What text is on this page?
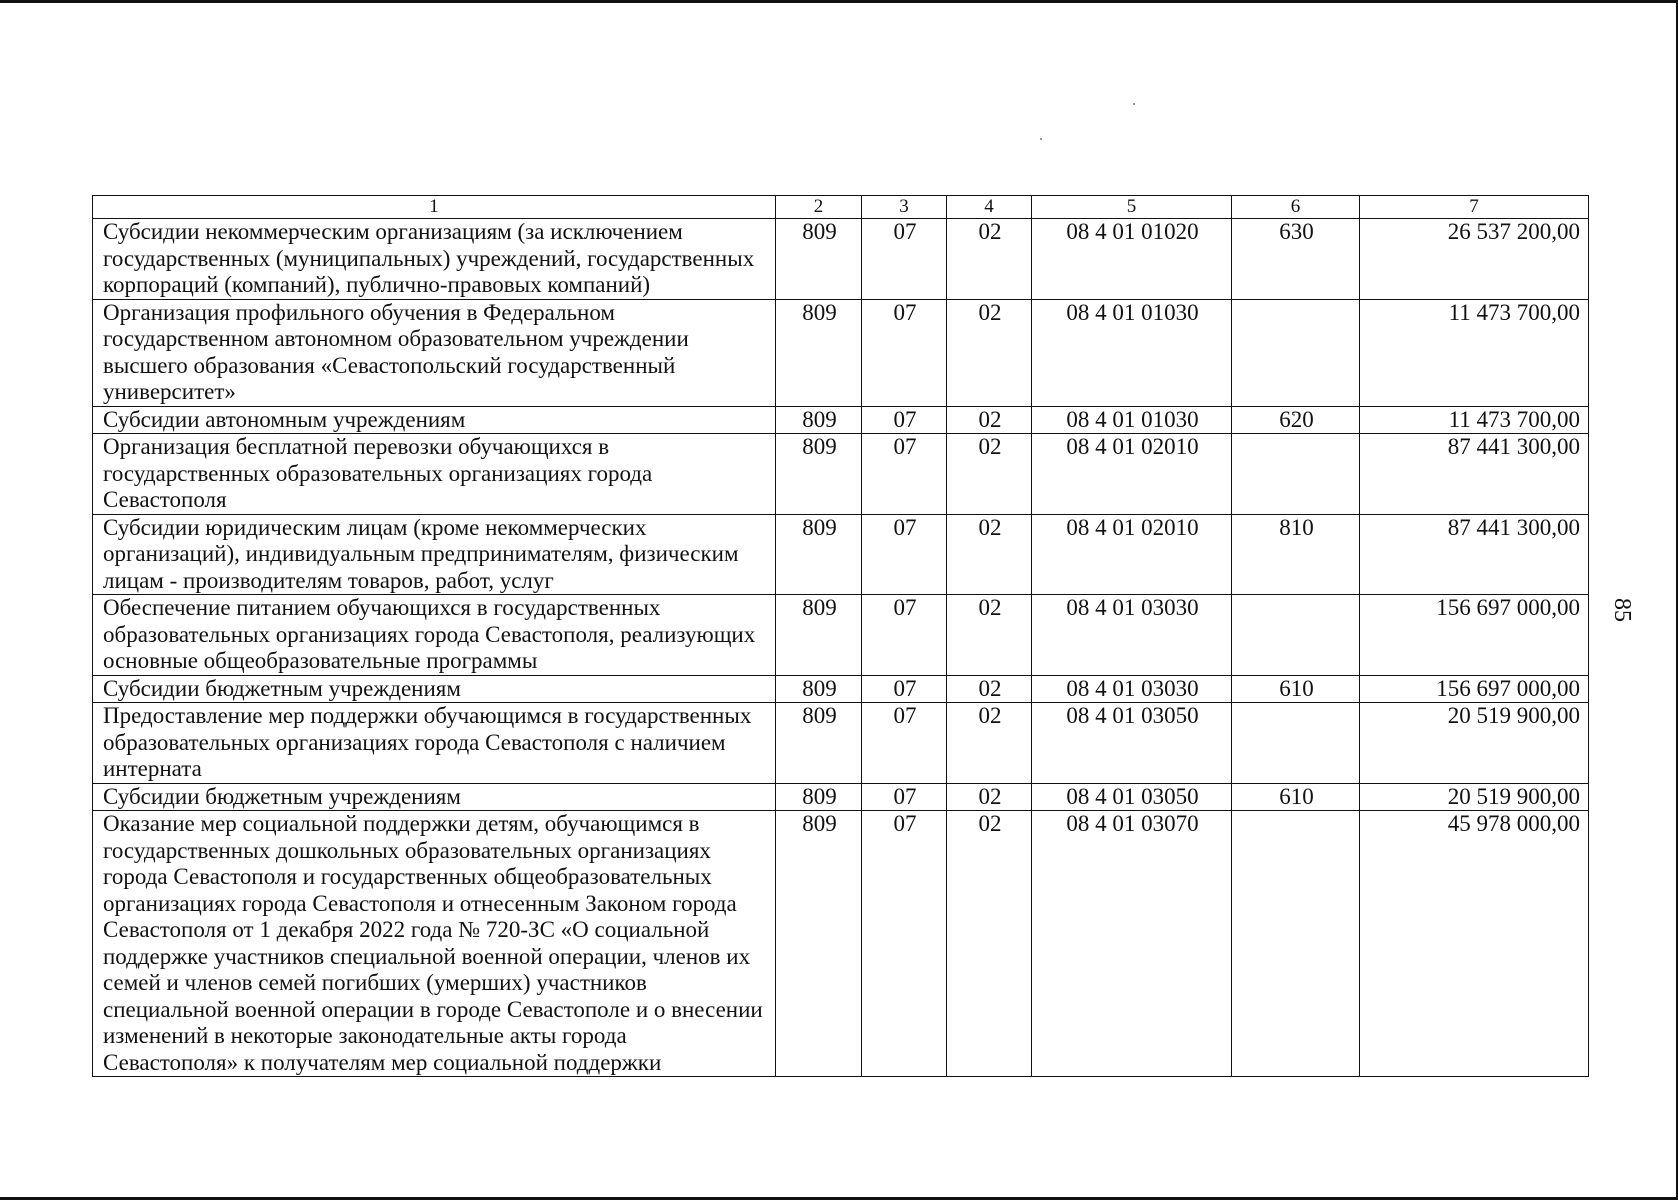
85
1	2	3	4	5	6	7
Субсидии некоммерческим организациям (за исключением государственных (муниципальных) учреждений, государственных корпораций (компаний), публично-правовых компаний)	809	07	02	08 4 01 01020	630	26 537 200,00
Организация профильного обучения в Федеральном государственном автономном образовательном учреждении высшего образования «Севастопольский государственный университет»	809	07	02	08 4 01 01030		11 473 700,00
Субсидии автономным учреждениям	809	07	02	08 4 01 01030	620	11 473 700,00
Организация бесплатной перевозки обучающихся в государственных образовательных организациях города Севастополя	809	07	02	08 4 01 02010		87 441 300,00
Субсидии юридическим лицам (кроме некоммерческих организаций), индивидуальным предпринимателям, физическим лицам - производителям товаров, работ, услуг	809	07	02	08 4 01 02010	810	87 441 300,00
Обеспечение питанием обучающихся в государственных образовательных организациях города Севастополя, реализующих основные общеобразовательные программы	809	07	02	08 4 01 03030		156 697 000,00
Субсидии бюджетным учреждениям	809	07	02	08 4 01 03030	610	156 697 000,00
Предоставление мер поддержки обучающимся в государственных образовательных организациях города Севастополя с наличием интерната	809	07	02	08 4 01 03050		20 519 900,00
Субсидии бюджетным учреждениям	809	07	02	08 4 01 03050	610	20 519 900,00
Оказание мер социальной поддержки детям, обучающимся в государственных дошкольных образовательных организациях города Севастополя и государственных общеобразовательных организациях города Севастополя и отнесенным Законом города Севастополя от 1 декабря 2022 года № 720-ЗС «О социальной поддержке участников специальной военной операции, членов их семей и членов семей погибших (умерших) участников специальной военной операции в городе Севастополе и о внесении изменений в некоторые законодательные акты города Севастополя» к получателям мер социальной поддержки	809	07	02	08 4 01 03070		45 978 000,00
